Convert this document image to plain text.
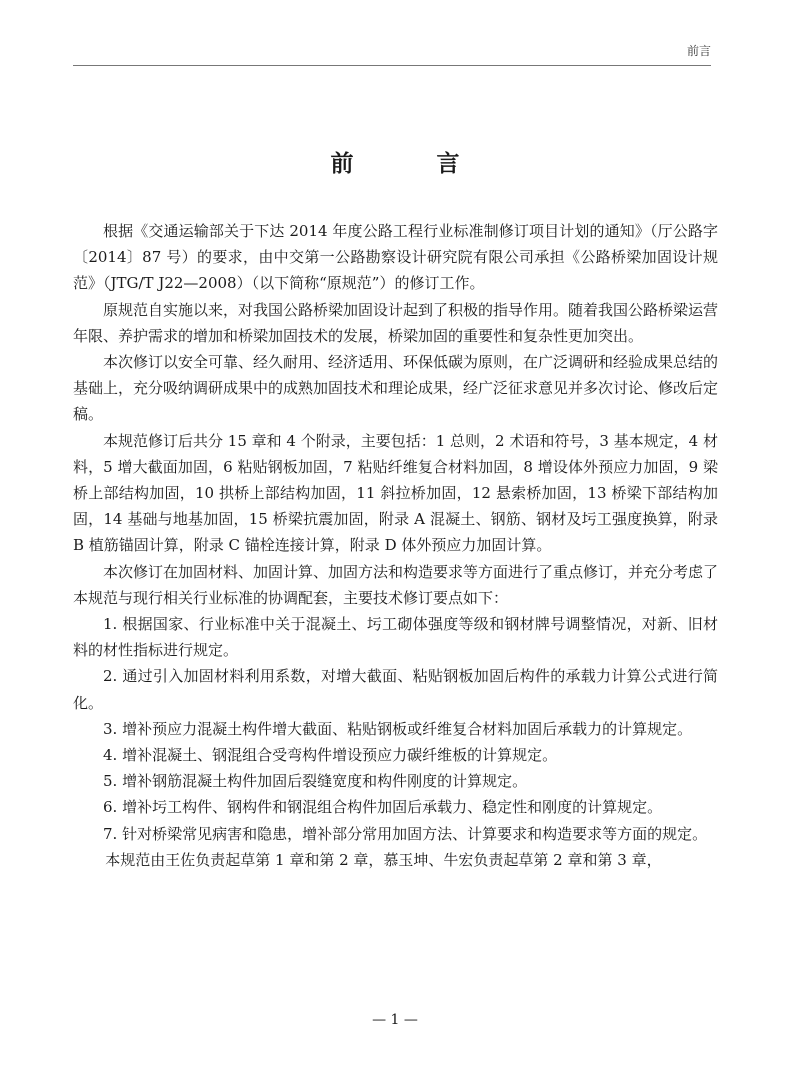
前言
前　言

根据《交通运输部关于下达 2014 年度公路工程行业标准制修订项目计划的通知》（厅公路字〔2014〕87 号）的要求，由中交第一公路勘察设计研究院有限公司承担《公路桥梁加固设计规范》（JTG/T J22—2008）（以下简称“原规范”）的修订工作。

原规范自实施以来，对我国公路桥梁加固设计起到了积极的指导作用。随着我国公路桥梁运营年限、养护需求的增加和桥梁加固技术的发展，桥梁加固的重要性和复杂性更加突出。

本次修订以安全可靠、经久耐用、经济适用、环保低碳为原则，在广泛调研和经验成果总结的基础上，充分吸纳调研成果中的成熟加固技术和理论成果，经广泛征求意见并多次讨论、修改后定稿。

本规范修订后共分 15 章和 4 个附录，主要包括：1 总则，2 术语和符号，3 基本规定，4 材料，5 增大截面加固，6 粘贴钢板加固，7 粘贴纤维复合材料加固，8 增设体外预应力加固，9 梁桥上部结构加固，10 拱桥上部结构加固，11 斜拉桥加固，12 悬索桥加固，13 桥梁下部结构加固，14 基础与地基加固，15 桥梁抗震加固，附录 A 混凝土、钢筋、钢材及圬工强度换算，附录 B 植筋锚固计算，附录 C 锚栓连接计算，附录 D 体外预应力加固计算。

本次修订在加固材料、加固计算、加固方法和构造要求等方面进行了重点修订，并充分考虑了本规范与现行相关行业标准的协调配套，主要技术修订要点如下：

1. 根据国家、行业标准中关于混凝土、圬工砌体强度等级和钢材牌号调整情况，对新、旧材料的材性指标进行规定。

2. 通过引入加固材料利用系数，对增大截面、粘贴钢板加固后构件的承载力计算公式进行简化。

3. 增补预应力混凝土构件增大截面、粘贴钢板或纤维复合材料加固后承载力的计算规定。

4. 增补混凝土、钢混组合受弯构件增设预应力碳纤维板的计算规定。

5. 增补钢筋混凝土构件加固后裂缝宽度和构件刚度的计算规定。

6. 增补圬工构件、钢构件和钢混组合构件加固后承载力、稳定性和刚度的计算规定。

7. 针对桥梁常见病害和隐患，增补部分常用加固方法、计算要求和构造要求等方面的规定。

本规范由王佐负责起草第 1 章和第 2 章，慕玉坤、牛宏负责起草第 2 章和第 3 章，

— 1 —
